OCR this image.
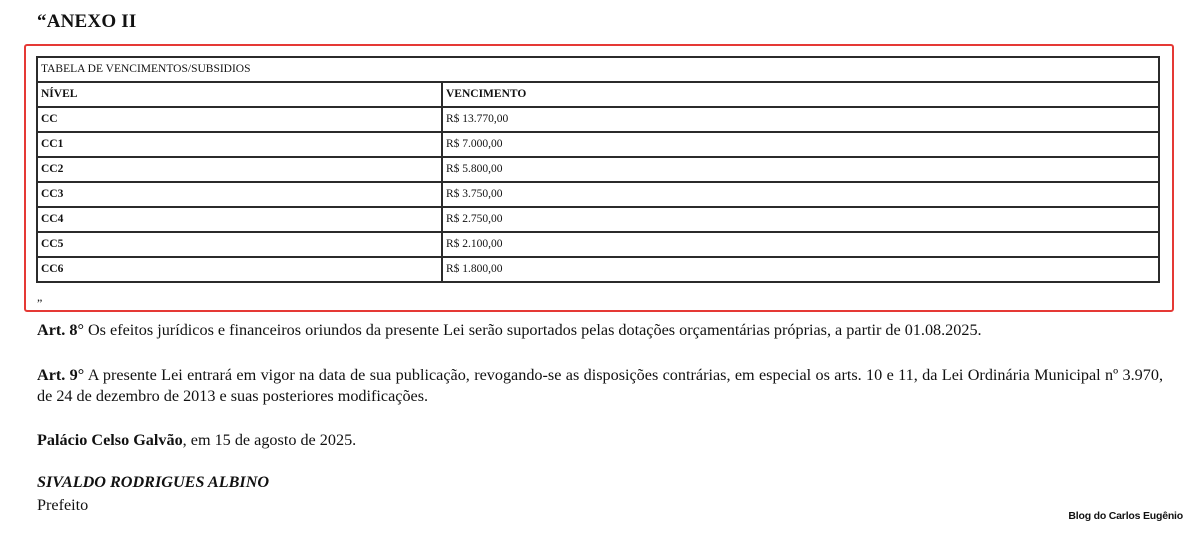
“ANEXO II
TABELA DE VENCIMENTOS/SUBSIDIOS	
NÍVEL	VENCIMENTO
CC	R$ 13.770,00
CC1	R$ 7.000,00
CC2	R$ 5.800,00
CC3	R$ 3.750,00
CC4	R$ 2.750,00
CC5	R$ 2.100,00
CC6	R$ 1.800,00
”

Art. 8° Os efeitos jurídicos e financeiros oriundos da presente Lei serão suportados pelas dotações orçamentárias próprias, a partir de 01.08.2025.

Art. 9° A presente Lei entrará em vigor na data de sua publicação, revogando-se as disposições contrárias, em especial os arts. 10 e 11, da Lei Ordinária Municipal nº 3.970, de 24 de dezembro de 2013 e suas posteriores modificações.

Palácio Celso Galvão, em 15 de agosto de 2025.

SIVALDO RODRIGUES ALBINO
Prefeito
Blog do Carlos Eugênio
